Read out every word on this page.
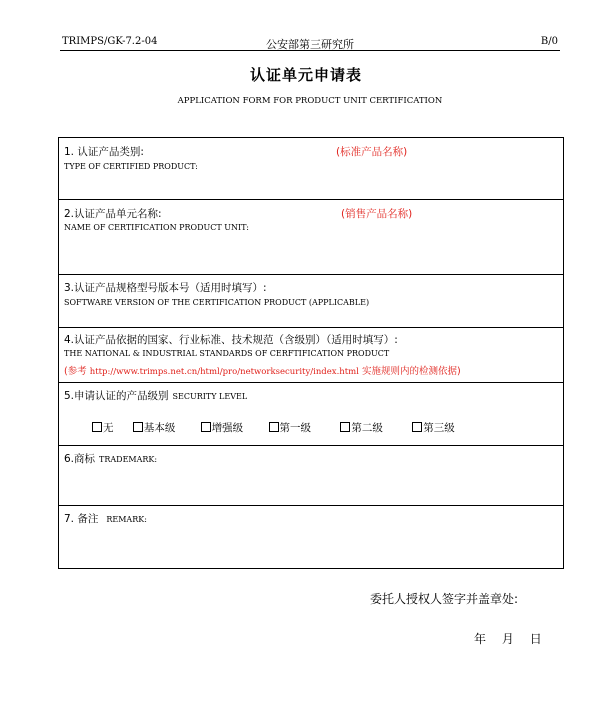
TRIMPS/GK-7.2-04	公安部第三研究所	B/0
认证单元申请表
APPLICATION FORM FOR PRODUCT UNIT CERTIFICATION
1. 认证产品类别:	(标准产品名称)
TYPE OF CERTIFIED PRODUCT:
2.认证产品单元名称:	(销售产品名称)
NAME OF CERTIFICATION PRODUCT UNIT:
3.认证产品规格型号版本号（适用时填写）:
SOFTWARE VERSION OF THE CERTIFICATION PRODUCT (APPLICABLE)
4.认证产品依据的国家、行业标准、技术规范（含级别）（适用时填写）:
THE NATIONAL & INDUSTRIAL STANDARDS OF CERFTIFICATION PRODUCT
(参考 http://www.trimps.net.cn/html/pro/networksecurity/index.html 实施规则内的检测依据)
5.申请认证的产品级别 SECURITY LEVEL
无	基本级	增强级	第一级	第二级	第三级
6.商标 TRADEMARK:
7. 备注 REMARK:
委托人授权人签字并盖章处:
年 月 日
